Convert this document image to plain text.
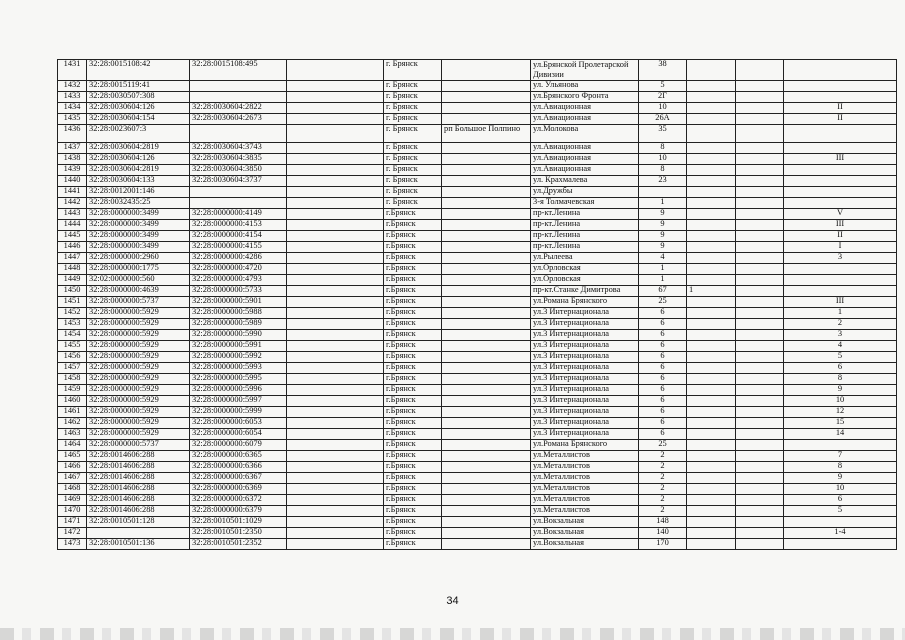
1431	32:28:0015108:42	32:28:0015108:495		г. Брянск		ул.Брянской Пролетарской Дивизии	38			
1432	32:28:0015119:41			г. Брянск		ул. Ульянова	5			
1433	32:28:0030507:308			г. Брянск		ул.Брянского Фронта	2Г			
1434	32:28:0030604:126	32:28:0030604:2822		г. Брянск		ул.Авиационная	10			II
1435	32:28:0030604:154	32:28:0030604:2673		г. Брянск		ул.Авиационная	26А			II
1436	32:28:0023607:3			г. Брянск	рп Большое Полпино	ул.Молокова	35			
1437	32:28:0030604:2819	32:28:0030604:3743		г. Брянск		ул.Авиационная	8			
1438	32:28:0030604:126	32:28:0030604:3835		г. Брянск		ул.Авиационная	10			III
1439	32:28:0030604:2819	32:28:0030604:3850		г. Брянск		ул.Авиационная	8			
1440	32:28:0030604:133	32:28:0030604:3737		г. Брянск		ул. Крахмалева	23			
1441	32:28:0012001:146			г. Брянск		ул.Дружбы				
1442	32:28:0032435:25			г. Брянск		3-я Толмачевская	1			
1443	32:28:0000000:3499	32:28:0000000:4149		г.Брянск		пр-кт.Ленина	9			V
1444	32:28:0000000:3499	32:28:0000000:4153		г.Брянск		пр-кт.Ленина	9			III
1445	32:28:0000000:3499	32:28:0000000:4154		г.Брянск		пр-кт.Ленина	9			II
1446	32:28:0000000:3499	32:28:0000000:4155		г.Брянск		пр-кт.Ленина	9			I
1447	32:28:0000000:2960	32:28:0000000:4286		г.Брянск		ул.Рылеева	4			3
1448	32:28:0000000:1775	32:28:0000000:4720		г.Брянск		ул.Орловская	1			
1449	32:02:0000000:560	32:28:0000000:4793		г.Брянск		ул.Орловская	1			
1450	32:28:0000000:4639	32:28:0000000:5733		г.Брянск		пр-кт.Станке Димитрова	67	1		
1451	32:28:0000000:5737	32:28:0000000:5901		г.Брянск		ул.Романа Брянского	25			III
1452	32:28:0000000:5929	32:28:0000000:5988		г.Брянск		ул.3 Интернационала	6			1
1453	32:28:0000000:5929	32:28:0000000:5989		г.Брянск		ул.3 Интернационала	6			2
1454	32:28:0000000:5929	32:28:0000000:5990		г.Брянск		ул.3 Интернационала	6			3
1455	32:28:0000000:5929	32:28:0000000:5991		г.Брянск		ул.3 Интернационала	6			4
1456	32:28:0000000:5929	32:28:0000000:5992		г.Брянск		ул.3 Интернационала	6			5
1457	32:28:0000000:5929	32:28:0000000:5993		г.Брянск		ул.3 Интернационала	6			6
1458	32:28:0000000:5929	32:28:0000000:5995		г.Брянск		ул.3 Интернационала	6			8
1459	32:28:0000000:5929	32:28:0000000:5996		г.Брянск		ул.3 Интернационала	6			9
1460	32:28:0000000:5929	32:28:0000000:5997		г.Брянск		ул.3 Интернационала	6			10
1461	32:28:0000000:5929	32:28:0000000:5999		г.Брянск		ул.3 Интернационала	6			12
1462	32:28:0000000:5929	32:28:0000000:6053		г.Брянск		ул.3 Интернационала	6			15
1463	32:28:0000000:5929	32:28:0000000:6054		г.Брянск		ул.3 Интернационала	6			14
1464	32:28:0000000:5737	32:28:0000000:6079		г.Брянск		ул.Романа Брянского	25			
1465	32:28:0014606:288	32:28:0000000:6365		г.Брянск		ул.Металлистов	2			7
1466	32:28:0014606:288	32:28:0000000:6366		г.Брянск		ул.Металлистов	2			8
1467	32:28:0014606:288	32:28:0000000:6367		г.Брянск		ул.Металлистов	2			9
1468	32:28:0014606:288	32:28:0000000:6369		г.Брянск		ул.Металлистов	2			10
1469	32:28:0014606:288	32:28:0000000:6372		г.Брянск		ул.Металлистов	2			6
1470	32:28:0014606:288	32:28:0000000:6379		г.Брянск		ул.Металлистов	2			5
1471	32:28:0010501:128	32:28:0010501:1029		г.Брянск		ул.Вокзальная	148			
1472		32:28:0010501:2350		г.Брянск		ул.Вокзальная	140			1-4
1473	32:28:0010501:136	32:28:0010501:2352		г.Брянск		ул.Вокзальная	170			
34
